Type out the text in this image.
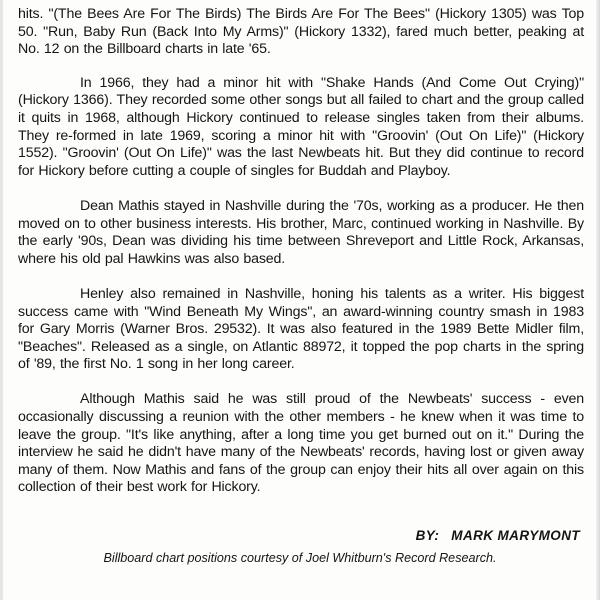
hits. "(The Bees Are For The Birds) The Birds Are For The Bees" (Hickory 1305) was Top 50. "Run, Baby Run (Back Into My Arms)" (Hickory 1332), fared much better, peaking at No. 12 on the Billboard charts in late '65.

In 1966, they had a minor hit with "Shake Hands (And Come Out Crying)" (Hickory 1366). They recorded some other songs but all failed to chart and the group called it quits in 1968, although Hickory continued to release singles taken from their albums. They re-formed in late 1969, scoring a minor hit with "Groovin' (Out On Life)" (Hickory 1552). "Groovin' (Out On Life)" was the last Newbeats hit. But they did continue to record for Hickory before cutting a couple of singles for Buddah and Playboy.

Dean Mathis stayed in Nashville during the '70s, working as a producer. He then moved on to other business interests. His brother, Marc, continued working in Nashville. By the early '90s, Dean was dividing his time between Shreveport and Little Rock, Arkansas, where his old pal Hawkins was also based.

Henley also remained in Nashville, honing his talents as a writer. His biggest success came with "Wind Beneath My Wings", an award-winning country smash in 1983 for Gary Morris (Warner Bros. 29532). It was also featured in the 1989 Bette Midler film, "Beaches". Released as a single, on Atlantic 88972, it topped the pop charts in the spring of '89, the first No. 1 song in her long career.

Although Mathis said he was still proud of the Newbeats' success - even occasionally discussing a reunion with the other members - he knew when it was time to leave the group. "It's like anything, after a long time you get burned out on it." During the interview he said he didn't have many of the Newbeats' records, having lost or given away many of them. Now Mathis and fans of the group can enjoy their hits all over again on this collection of their best work for Hickory.

BY: MARK MARYMONT
Billboard chart positions courtesy of Joel Whitburn's Record Research.
